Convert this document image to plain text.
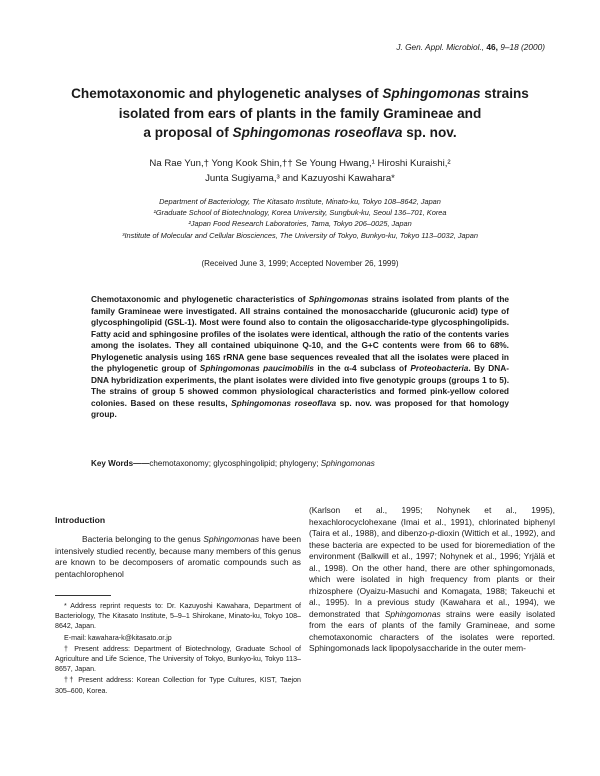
J. Gen. Appl. Microbiol., 46, 9–18 (2000)
Chemotaxonomic and phylogenetic analyses of Sphingomonas strains
isolated from ears of plants in the family Gramineae and
a proposal of Sphingomonas roseoflava sp. nov.
Na Rae Yun,† Yong Kook Shin,†† Se Young Hwang,¹ Hiroshi Kuraishi,²
Junta Sugiyama,³ and Kazuyoshi Kawahara*
Department of Bacteriology, The Kitasato Institute, Minato-ku, Tokyo 108–8642, Japan
¹Graduate School of Biotechnology, Korea University, Sungbuk-ku, Seoul 136–701, Korea
²Japan Food Research Laboratories, Tama, Tokyo 206–0025, Japan
³Institute of Molecular and Cellular Biosciences, The University of Tokyo, Bunkyo-ku, Tokyo 113–0032, Japan
(Received June 3, 1999; Accepted November 26, 1999)

Chemotaxonomic and phylogenetic characteristics of Sphingomonas strains isolated from plants of the family Gramineae were investigated. All strains contained the monosaccharide (glucuronic acid) type of glycosphingolipid (GSL-1). Most were found also to contain the oligosaccharide-type glycosphingolipids. Fatty acid and sphingosine profiles of the isolates were identical, although the ratio of the contents varies among the isolates. They all contained ubiquinone Q-10, and the G+C contents were from 66 to 68%. Phylogenetic analysis using 16S rRNA gene base sequences revealed that all the isolates were placed in the phylogenetic group of Sphingomonas paucimobilis in the α-4 subclass of Proteobacteria. By DNA-DNA hybridization experiments, the plant isolates were divided into five genotypic groups (groups 1 to 5). The strains of group 5 showed common physiological characteristics and formed pink-yellow colored colonies. Based on these results, Sphingomonas roseoflava sp. nov. was proposed for that homology group.

Key Words——chemotaxonomy; glycosphingolipid; phylogeny; Sphingomonas
Introduction

Bacteria belonging to the genus Sphingomonas have been intensively studied recently, because many members of this genus are known to be decomposers of aromatic compounds such as pentachlorophenol

(Karlson et al., 1995; Nohynek et al., 1995), hexachlorocyclohexane (Imai et al., 1991), chlorinated biphenyl (Taira et al., 1988), and dibenzo-p-dioxin (Wittich et al., 1992), and these bacteria are expected to be used for bioremediation of the environment (Balkwill et al., 1997; Nohynek et al., 1996; Yrjälä et al., 1998). On the other hand, there are other sphingomonads, which were isolated in high frequency from plants or their rhizosphere (Oyaizu-Masuchi and Komagata, 1988; Takeuchi et al., 1995). In a previous study (Kawahara et al., 1994), we demonstrated that Sphingomonas strains were easily isolated from the ears of plants of the family Gramineae, and some chemotaxonomic characters of the isolates were reported. Sphingomonads lack lipopolysaccharide in the outer mem-

* Address reprint requests to: Dr. Kazuyoshi Kawahara, Department of Bacteriology, The Kitasato Institute, 5–9–1 Shirokane, Minato-ku, Tokyo 108–8642, Japan.

E-mail: kawahara-k@kitasato.or.jp

† Present address: Department of Biotechnology, Graduate School of Agriculture and Life Science, The University of Tokyo, Bunkyo-ku, Tokyo 113–8657, Japan.

†† Present address: Korean Collection for Type Cultures, KIST, Taejon 305–600, Korea.
